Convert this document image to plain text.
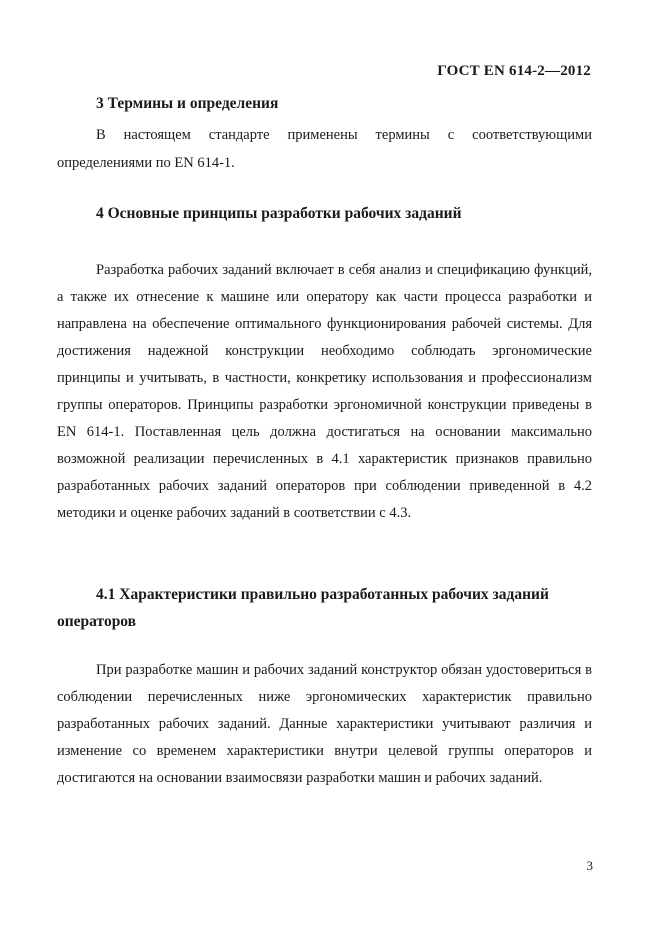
ГОСТ EN 614-2—2012
3 Термины и определения

В настоящем стандарте применены термины с соответствующими определениями по EN 614-1.

4 Основные принципы разработки рабочих заданий

Разработка рабочих заданий включает в себя анализ и спецификацию функций, а также их отнесение к машине или оператору как части процесса разработки и направлена на обеспечение оптимального функционирования рабочей системы. Для достижения надежной конструкции необходимо соблюдать эргономические принципы и учитывать, в частности, конкретику использования и профессионализм группы операторов. Принципы разработки эргономичной конструкции приведены в EN 614-1. Поставленная цель должна достигаться на основании максимально возможной реализации перечисленных в 4.1 характеристик признаков правильно разработанных рабочих заданий операторов при соблюдении приведенной в 4.2 методики и оценке рабочих заданий в соответствии с 4.3.

4.1 Характеристики правильно разработанных рабочих заданий
операторов

При разработке машин и рабочих заданий конструктор обязан удостовериться в соблюдении перечисленных ниже эргономических характеристик правильно разработанных рабочих заданий. Данные характеристики учитывают различия и изменение со временем характеристики внутри целевой группы операторов и достигаются на основании взаимосвязи разработки машин и рабочих заданий.

3
